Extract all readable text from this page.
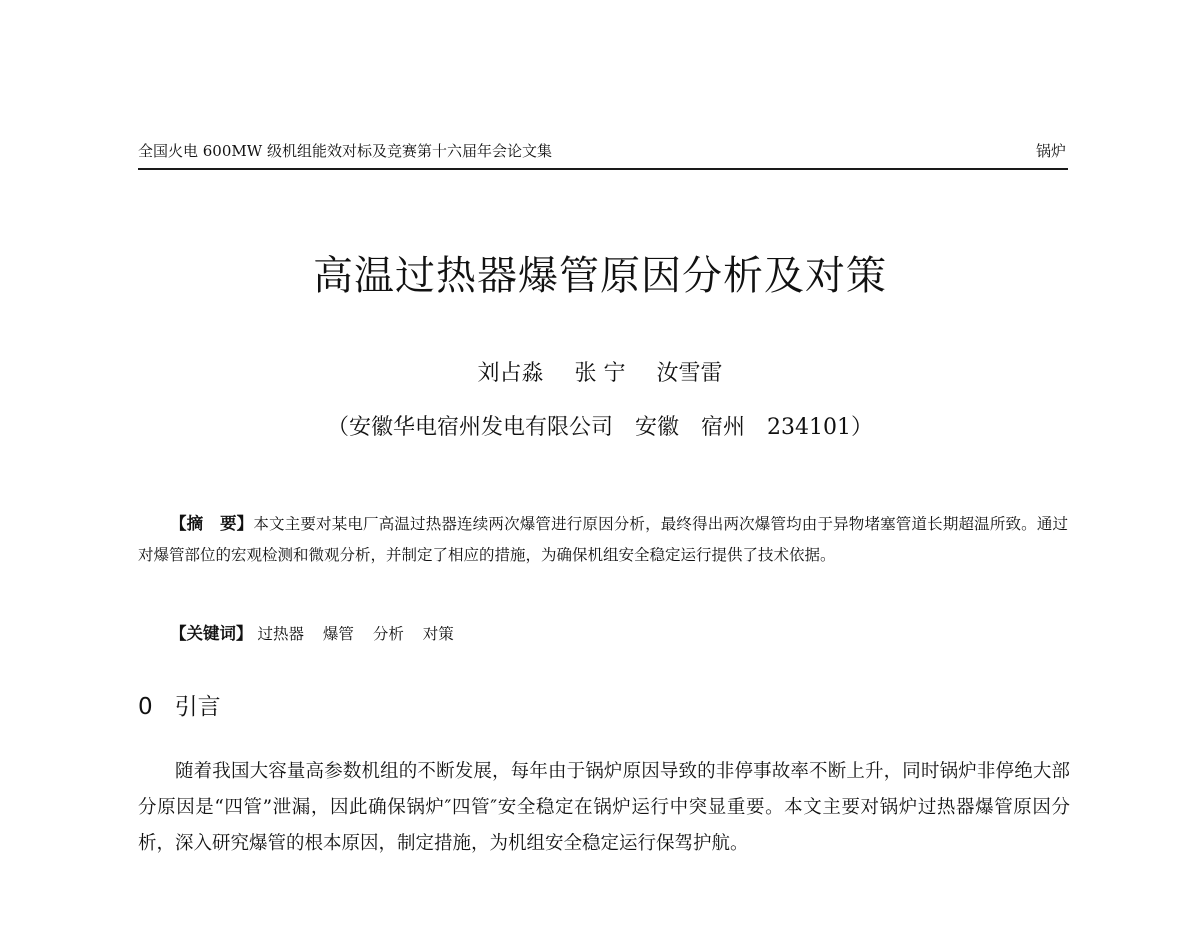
全国火电 600MW 级机组能效对标及竞赛第十六届年会论文集	锅炉
高温过热器爆管原因分析及对策
刘占淼 张 宁 汝雪雷
（安徽华电宿州发电有限公司　安徽　宿州　234101）
【摘　要】本文主要对某电厂高温过热器连续两次爆管进行原因分析，最终得出两次爆管均由于异物堵塞管道长期超温所致。通过对爆管部位的宏观检测和微观分析，并制定了相应的措施，为确保机组安全稳定运行提供了技术依据。
【关键词】 过热器 爆管 分析 对策
0 引言
随着我国大容量高参数机组的不断发展，每年由于锅炉原因导致的非停事故率不断上升，同时锅炉非停绝大部分原因是“四管”泄漏，因此确保锅炉″四管″安全稳定在锅炉运行中突显重要。本文主要对锅炉过热器爆管原因分析，深入研究爆管的根本原因，制定措施，为机组安全稳定运行保驾护航。
